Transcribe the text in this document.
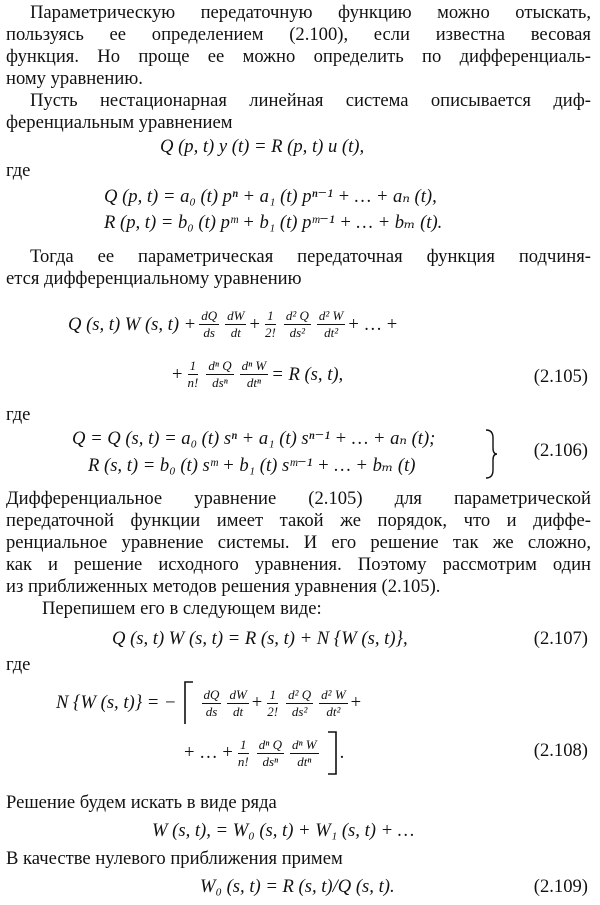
Параметрическую передаточную функцию можно отыскать,
пользуясь ее определением (2.100), если известна весовая
функция. Но проще ее можно определить по дифференциаль-
ному уравнению.
Пусть нестационарная линейная система описывается диф-
ференциальным уравнением
Q (p, t) y (t) = R (p, t) u (t),
где
Q (p, t) = a₀ (t) pⁿ + a₁ (t) pⁿ⁻¹ + … + aₙ (t),
R (p, t) = b₀ (t) pᵐ + b₁ (t) pᵐ⁻¹ + … + bₘ (t).
Тогда ее параметрическая передаточная функция подчиня-
ется дифференциальному уравнению
Q (s, t) W (s, $t) + \frac{dQ}{ds} \frac{dW}{dt} + \frac{1}{2!} \frac{\text{d² Q}}{\text{ds²}} \frac{\text{d² W}}{\text{dt²}}$ + … +
+ $\frac{1}{n!} \frac{\text{dⁿ Q}}{\text{dsⁿ}} \frac{\text{dⁿ W}}{\text{dtⁿ}} = R$ (s, t),	(2.105)
где
Q = Q (s, t) = a₀ (t) sⁿ + a₁ (t) sⁿ⁻¹ + … + aₙ (t);
R (s, t) = b₀ (t) sᵐ + b₁ (t) sᵐ⁻¹ + … + bₘ (t)
(2.106)
Дифференциальное уравнение (2.105) для параметрической
передаточной функции имеет такой же порядок, что и диффе-
ренциальное уравнение системы. И его решение так же сложно,
как и решение исходного уравнения. Поэтому рассмотрим один
из приближенных методов решения уравнения (2.105).
Перепишем его в следующем виде:
Q (s, t) W (s, t) = R (s, t) + N {W (s, t)},	(2.107)
где
N {W (s, t)} = − $\frac{dQ}{ds} \frac{dW}{dt} + \frac{1}{2!} \frac{\text{d² Q}}{\text{ds²}} \frac{\text{d² W}}{\text{dt²}}$ +
+ … + $\frac{1}{n!} \frac{\text{dⁿ Q}}{\text{dsⁿ}} \frac{\text{dⁿ W}}{\text{dtⁿ}}$ .	(2.108)
Решение будем искать в виде ряда
W (s, t), = W₀ (s, t) + W₁ (s, t) + …
В качестве нулевого приближения примем
W₀ (s, t) = R (s, t)/Q (s, t).	(2.109)
